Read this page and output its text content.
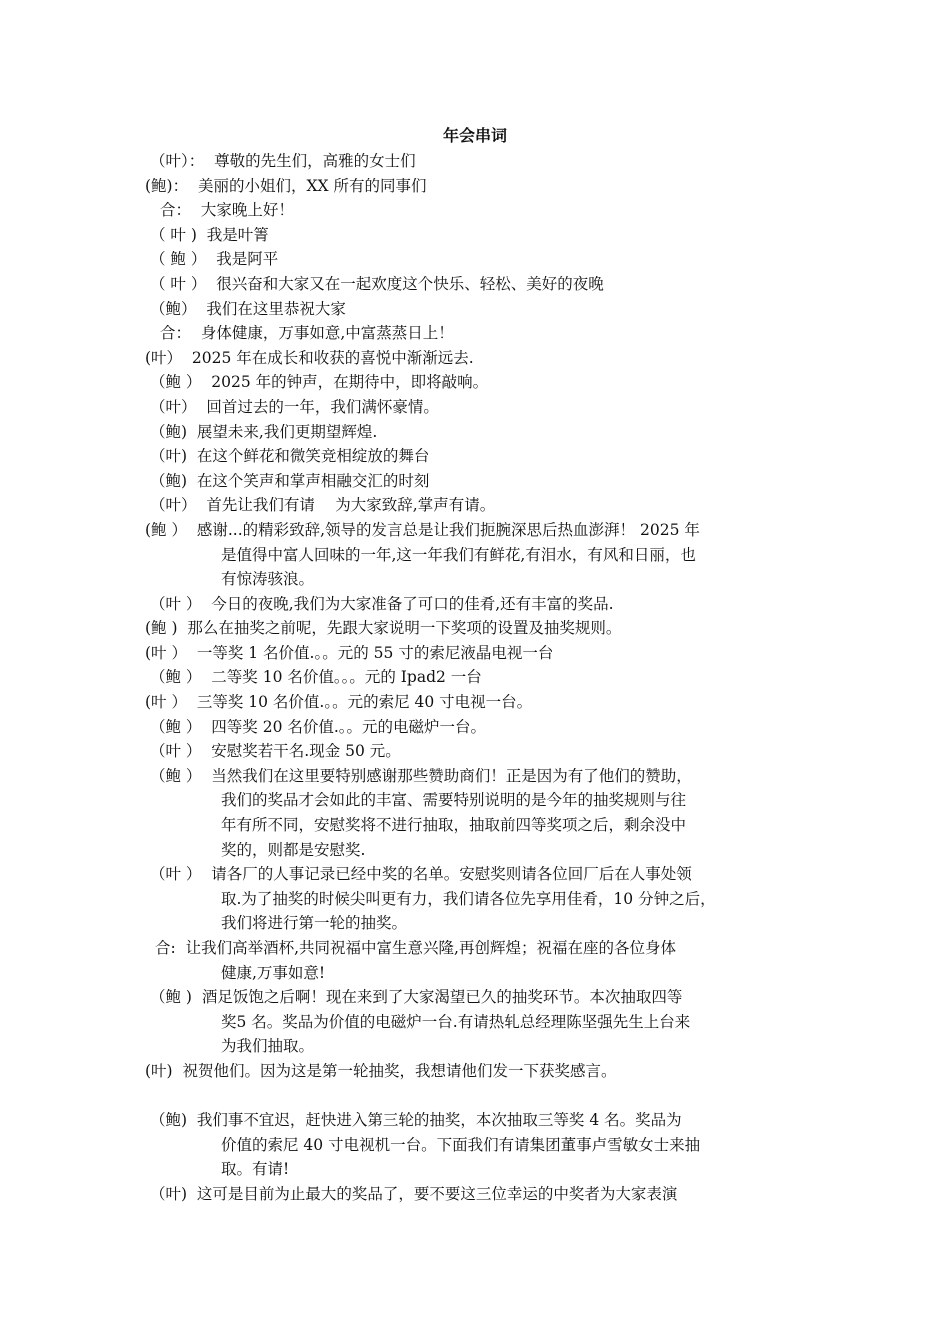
年会串词
（叶）： 尊敬的先生们，高雅的女士们
(鲍)： 美丽的小姐们，XX 所有的同事们
合： 大家晚上好！
（ 叶 ) 我是叶箐
（ 鲍 ） 我是阿平
（ 叶 ） 很兴奋和大家又在一起欢度这个快乐、轻松、美好的夜晚
（鲍） 我们在这里恭祝大家
合： 身体健康，万事如意,中富蒸蒸日上！
(叶） 2025 年在成长和收获的喜悦中渐渐远去.
（鲍 ） 2025 年的钟声，在期待中，即将敲响。
（叶） 回首过去的一年，我们满怀豪情。
（鲍) 展望未来,我们更期望辉煌.
（叶) 在这个鲜花和微笑竞相绽放的舞台
（鲍) 在这个笑声和掌声相融交汇的时刻
（叶） 首先让我们有请　 为大家致辞,掌声有请。
(鲍 ） 感谢...的精彩致辞,领导的发言总是让我们扼腕深思后热血澎湃！ 2025 年
是值得中富人回味的一年,这一年我们有鲜花,有泪水，有风和日丽，也
有惊涛骇浪。
（叶 ） 今日的夜晚,我们为大家准备了可口的佳肴,还有丰富的奖品.
(鲍 ) 那么在抽奖之前呢，先跟大家说明一下奖项的设置及抽奖规则。
(叶 ） 一等奖 1 名价值.。。元的 55 寸的索尼液晶电视一台
（鲍 ） 二等奖 10 名价值。。。元的 Ipad2 一台
(叶 ） 三等奖 10 名价值.。。元的索尼 40 寸电视一台。
（鲍 ） 四等奖 20 名价值.。。元的电磁炉一台。
（叶 ） 安慰奖若干名.现金 50 元。
（鲍 ） 当然我们在这里要特别感谢那些赞助商们！正是因为有了他们的赞助，
我们的奖品才会如此的丰富、需要特别说明的是今年的抽奖规则与往
年有所不同，安慰奖将不进行抽取，抽取前四等奖项之后，剩余没中
奖的，则都是安慰奖.
（叶 ） 请各厂的人事记录已经中奖的名单。安慰奖则请各位回厂后在人事处领
取.为了抽奖的时候尖叫更有力，我们请各位先享用佳肴，10 分钟之后，
我们将进行第一轮的抽奖。
合: 让我们高举酒杯,共同祝福中富生意兴隆,再创辉煌；祝福在座的各位身体
健康,万事如意!
（鲍 ) 酒足饭饱之后啊！现在来到了大家渴望已久的抽奖环节。本次抽取四等
奖5 名。奖品为价值的电磁炉一台.有请热轧总经理陈坚强先生上台来
为我们抽取。
(叶) 祝贺他们。因为这是第一轮抽奖，我想请他们发一下获奖感言。
（鲍) 我们事不宜迟，赶快进入第三轮的抽奖，本次抽取三等奖 4 名。奖品为
价值的索尼 40 寸电视机一台。下面我们有请集团董事卢雪敏女士来抽
取。有请!
（叶) 这可是目前为止最大的奖品了，要不要这三位幸运的中奖者为大家表演
